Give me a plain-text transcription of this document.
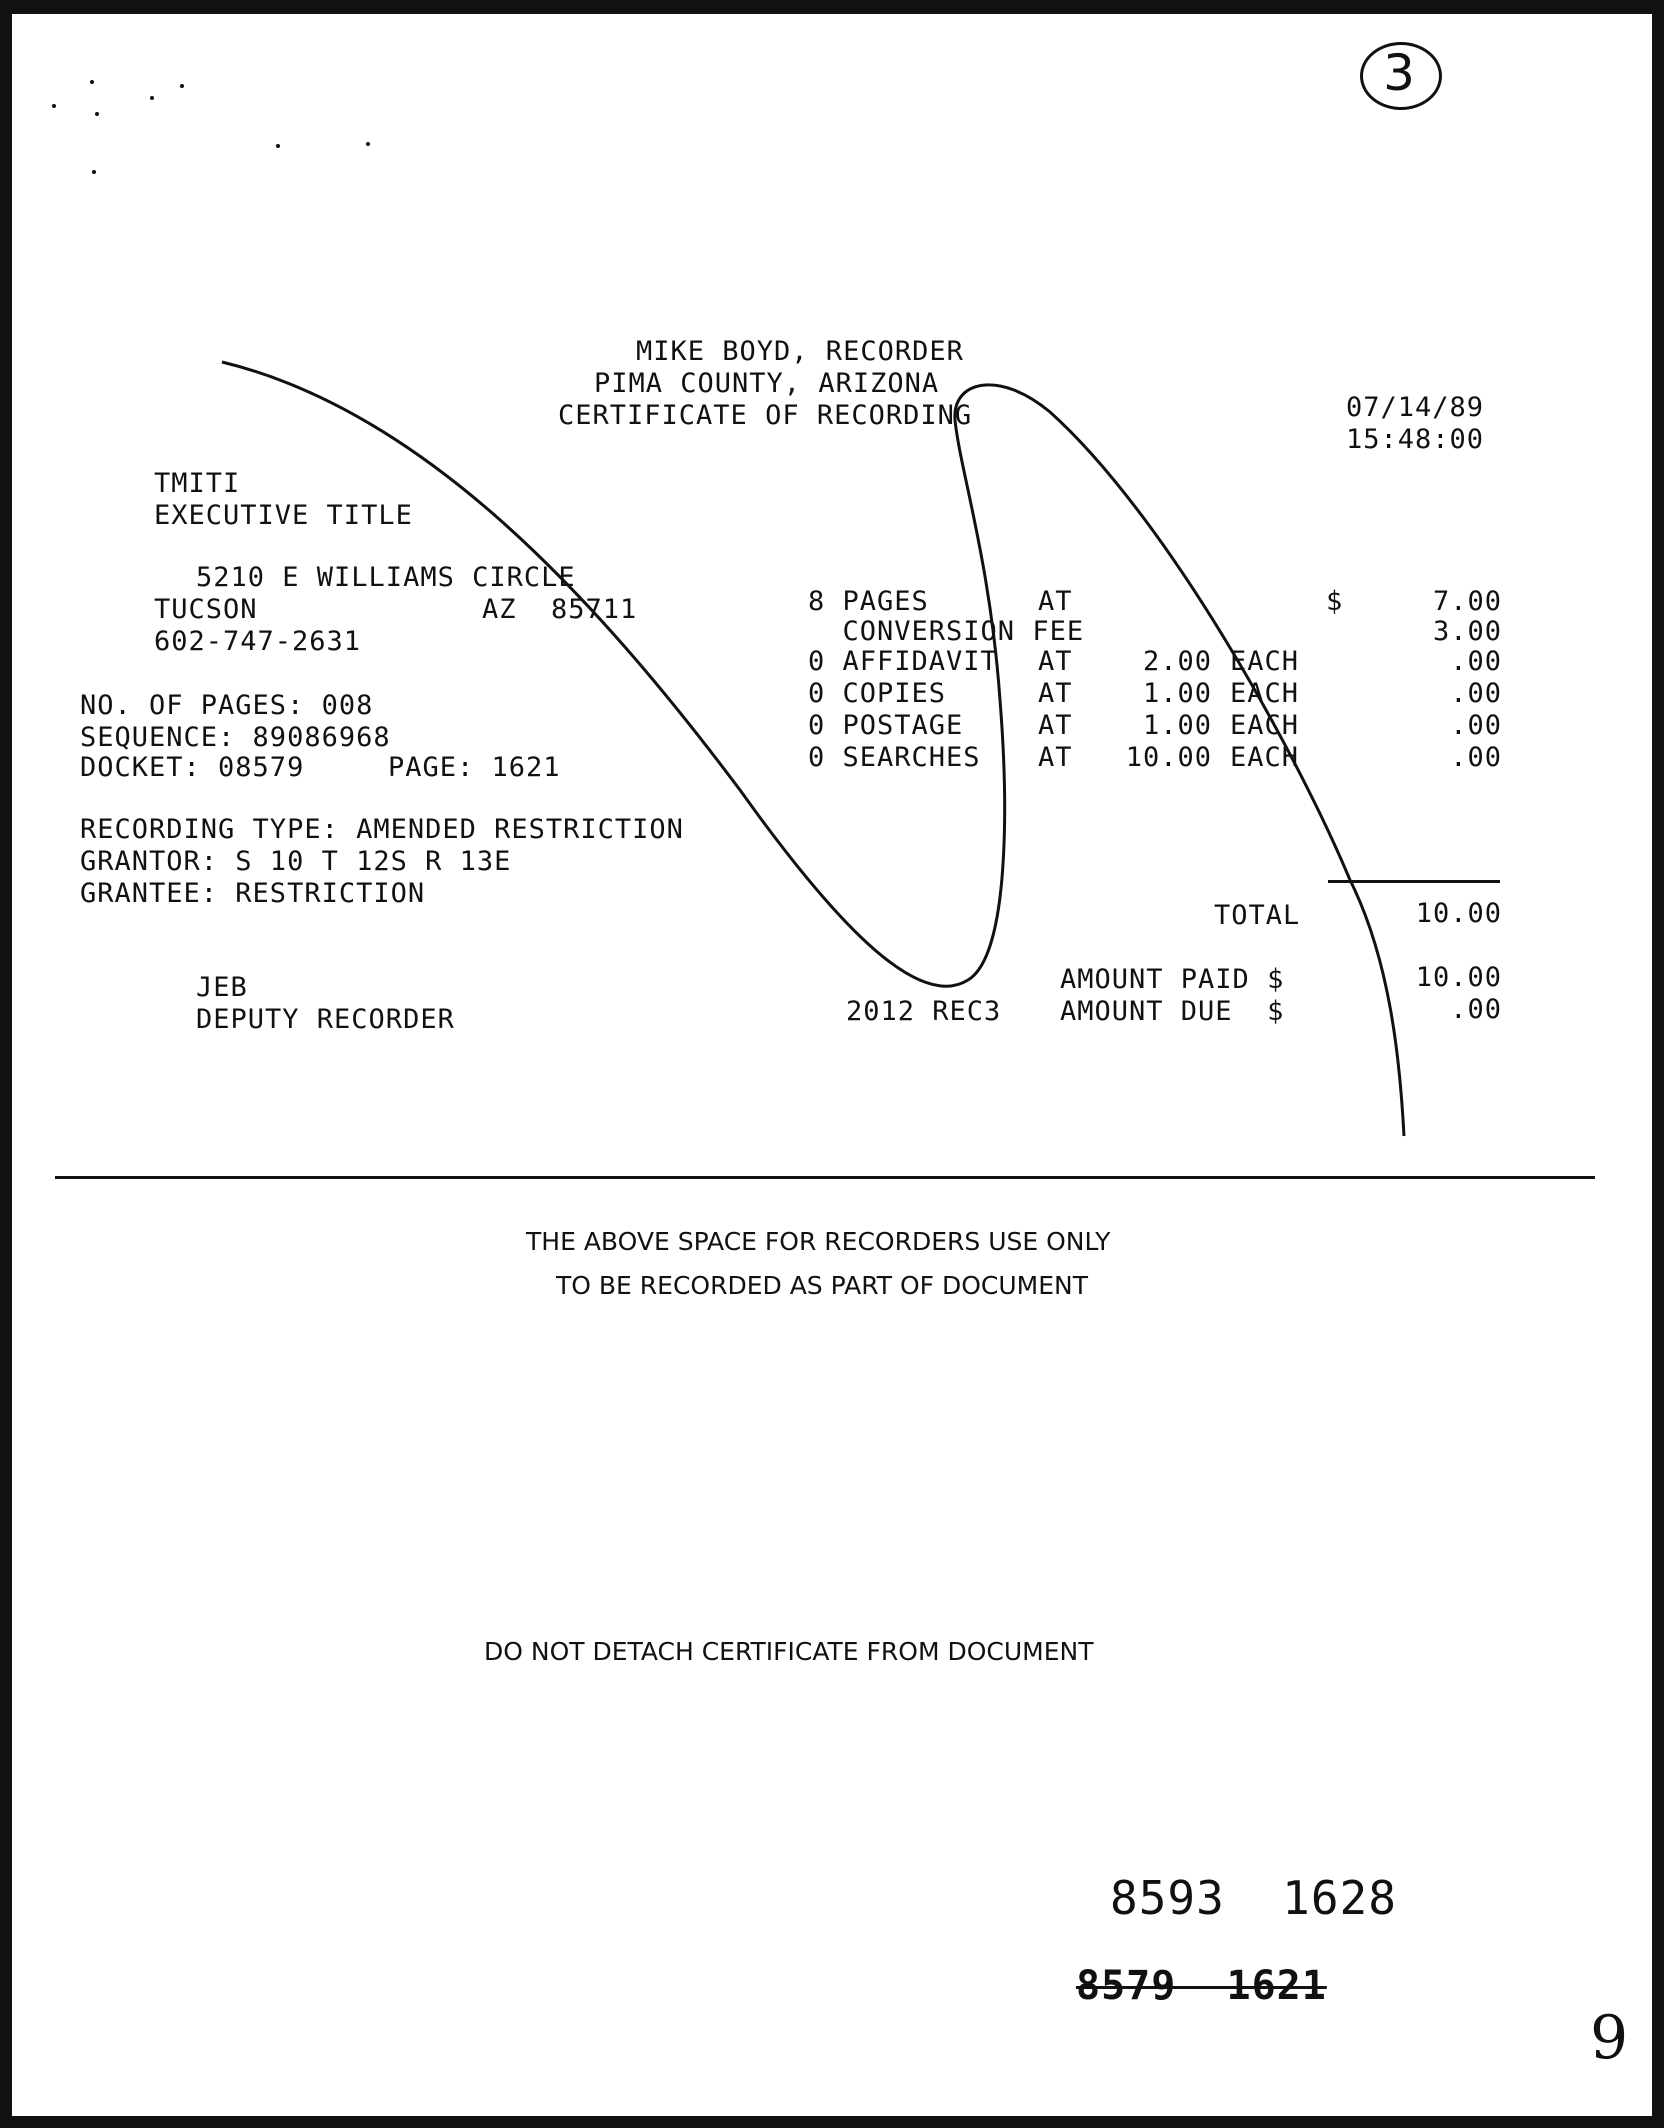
3
MIKE BOYD, RECORDER
PIMA COUNTY, ARIZONA
CERTIFICATE OF RECORDING	07/14/89
15:48:00
TMITI
EXECUTIVE TITLE
5210 E WILLIAMS CIRCLE
TUCSON	AZ  85711
602-747-2631
NO. OF PAGES: 008
SEQUENCE: 89086968
DOCKET: 08579	PAGE: 1621
RECORDING TYPE: AMENDED RESTRICTION
GRANTOR: S 10 T 12S R 13E
GRANTEE: RESTRICTION
8 PAGES	AT	$	7.00
CONVERSION FEE	3.00
0 AFFIDAVIT AT	2.00 EACH	.00
0 COPIES	AT	1.00 EACH	.00
0 POSTAGE	AT	1.00 EACH	.00
0 SEARCHES AT	10.00 EACH	.00
TOTAL	10.00
AMOUNT PAID $	10.00
2012 REC3 AMOUNT DUE  $	.00
JEB
DEPUTY RECORDER
THE ABOVE SPACE FOR RECORDERS USE ONLY
TO BE RECORDED AS PART OF DOCUMENT
DO NOT DETACH CERTIFICATE FROM DOCUMENT
8593  1628
8579  1621
9
